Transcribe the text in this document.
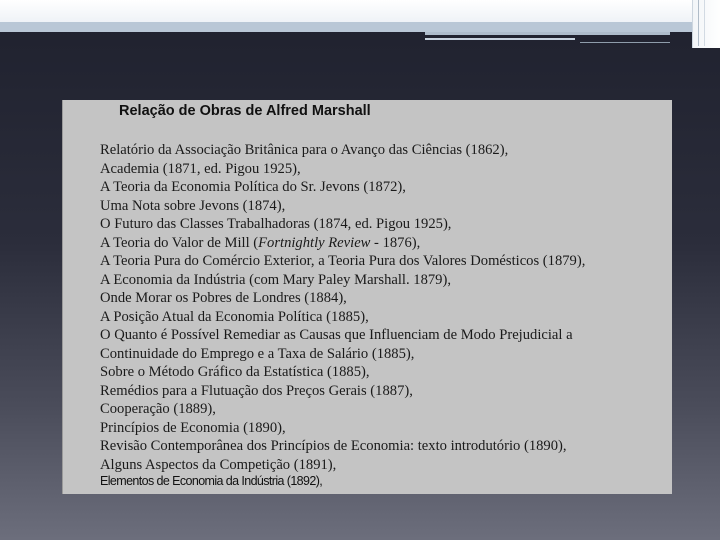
Relação de Obras de Alfred Marshall
Relatório da Associação Britânica para o Avanço das Ciências (1862),
Academia (1871, ed. Pigou 1925),
A Teoria da Economia Política do Sr. Jevons (1872),
Uma Nota sobre Jevons (1874),
O Futuro das Classes Trabalhadoras (1874, ed. Pigou 1925),
A Teoria do Valor de Mill (Fortnightly Review - 1876),
A Teoria Pura do Comércio Exterior, a Teoria Pura dos Valores Domésticos (1879),
A Economia da Indústria (com Mary Paley Marshall. 1879),
Onde Morar os Pobres de Londres (1884),
A Posição Atual da Economia Política (1885),
O Quanto é Possível Remediar as Causas que Influenciam de Modo Prejudicial a
Continuidade do Emprego e a Taxa de Salário (1885),
Sobre o Método Gráfico da Estatística (1885),
Remédios para a Flutuação dos Preços Gerais (1887),
Cooperação (1889),
Princípios de Economia (1890),
Revisão Contemporânea dos Princípios de Economia: texto introdutório (1890),
Alguns Aspectos da Competição (1891),
Elementos de Economia da Indústria (1892),
